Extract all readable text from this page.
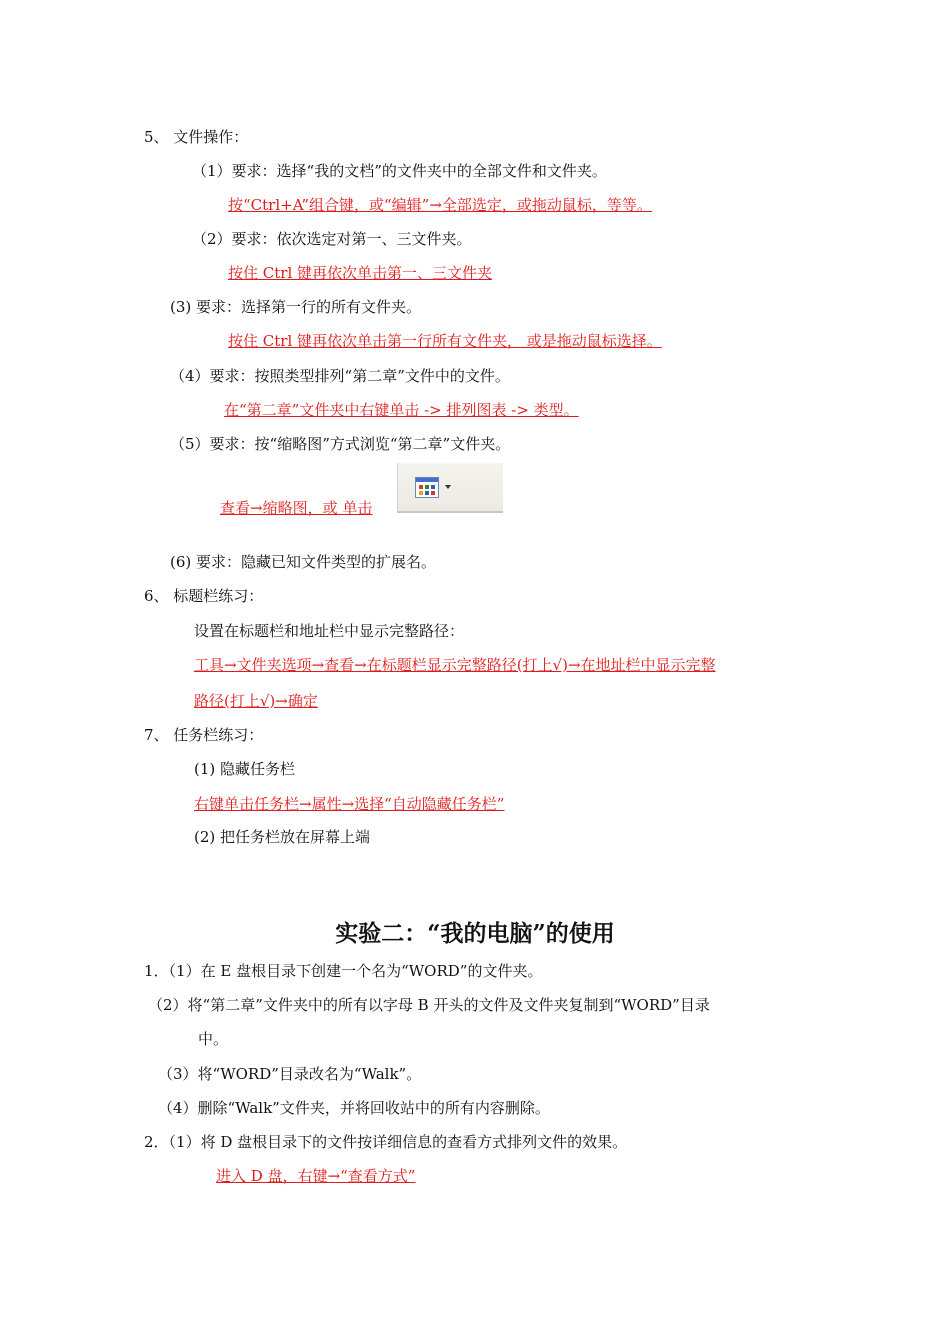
5、 文件操作：
（1）要求：选择“我的文档”的文件夹中的全部文件和文件夹。
按“Ctrl+A”组合键，或“编辑”→全部选定，或拖动鼠标，等等。
（2）要求：依次选定对第一、三文件夹。
按住 Ctrl 键再依次单击第一、三文件夹
(3) 要求：选择第一行的所有文件夹。
按住 Ctrl 键再依次单击第一行所有文件夹， 或是拖动鼠标选择。
（4）要求：按照类型排列“第二章”文件中的文件。
在“第二章”文件夹中右键单击 -> 排列图表 -> 类型。
（5）要求：按“缩略图”方式浏览“第二章”文件夹。
查看→缩略图，或 单击
(6) 要求：隐藏已知文件类型的扩展名。
6、 标题栏练习：
设置在标题栏和地址栏中显示完整路径：
工具→文件夹选项→查看→在标题栏显示完整路径(打上√)→在地址栏中显示完整
路径(打上√)→确定
7、 任务栏练习：
(1) 隐藏任务栏
右键单击任务栏→属性→选择“自动隐藏任务栏”
(2) 把任务栏放在屏幕上端
实验二：“我的电脑”的使用
1．（1）在 E 盘根目录下创建一个名为“WORD”的文件夹。
（2）将“第二章”文件夹中的所有以字母 B 开头的文件及文件夹复制到“WORD”目录
中。
（3）将“WORD”目录改名为“Walk”。
（4）删除“Walk”文件夹，并将回收站中的所有内容删除。
2．（1）将 D 盘根目录下的文件按详细信息的查看方式排列文件的效果。
进入 D 盘，右键→“查看方式”
